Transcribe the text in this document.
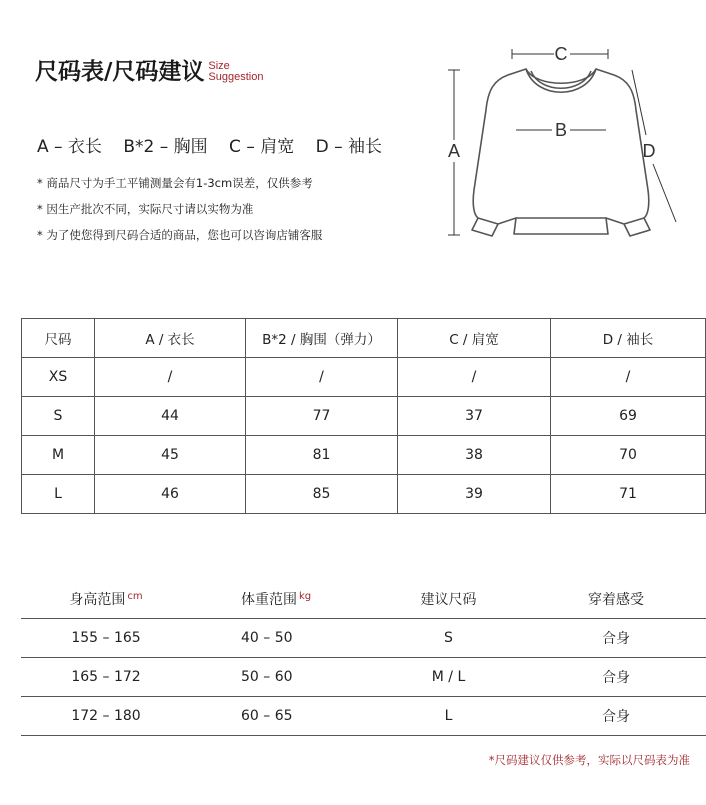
尺码表/尺码建议 Size
Suggestion
A – 衣长 B*2 – 胸围 C – 肩宽 D – 袖长
* 商品尺寸为手工平铺测量会有1-3cm误差，仅供参考
* 因生产批次不同，实际尺寸请以实物为准
* 为了使您得到尺码合适的商品，您也可以咨询店铺客服
C
B
A	D
尺码	A / 衣长	B*2 / 胸围（弹力）	C / 肩宽	D / 袖长
XS	/	/	/	/
S	44	77	37	69
M	45	81	38	70
L	46	85	39	71
身高范围 $^{cm}$	体重范围 $^{kg}$	建议尺码	穿着感受
155 – 165	40 – 50	S	合身
165 – 172	50 – 60	M / L	合身
172 – 180	60 – 65	L	合身
*尺码建议仅供参考，实际以尺码表为准
